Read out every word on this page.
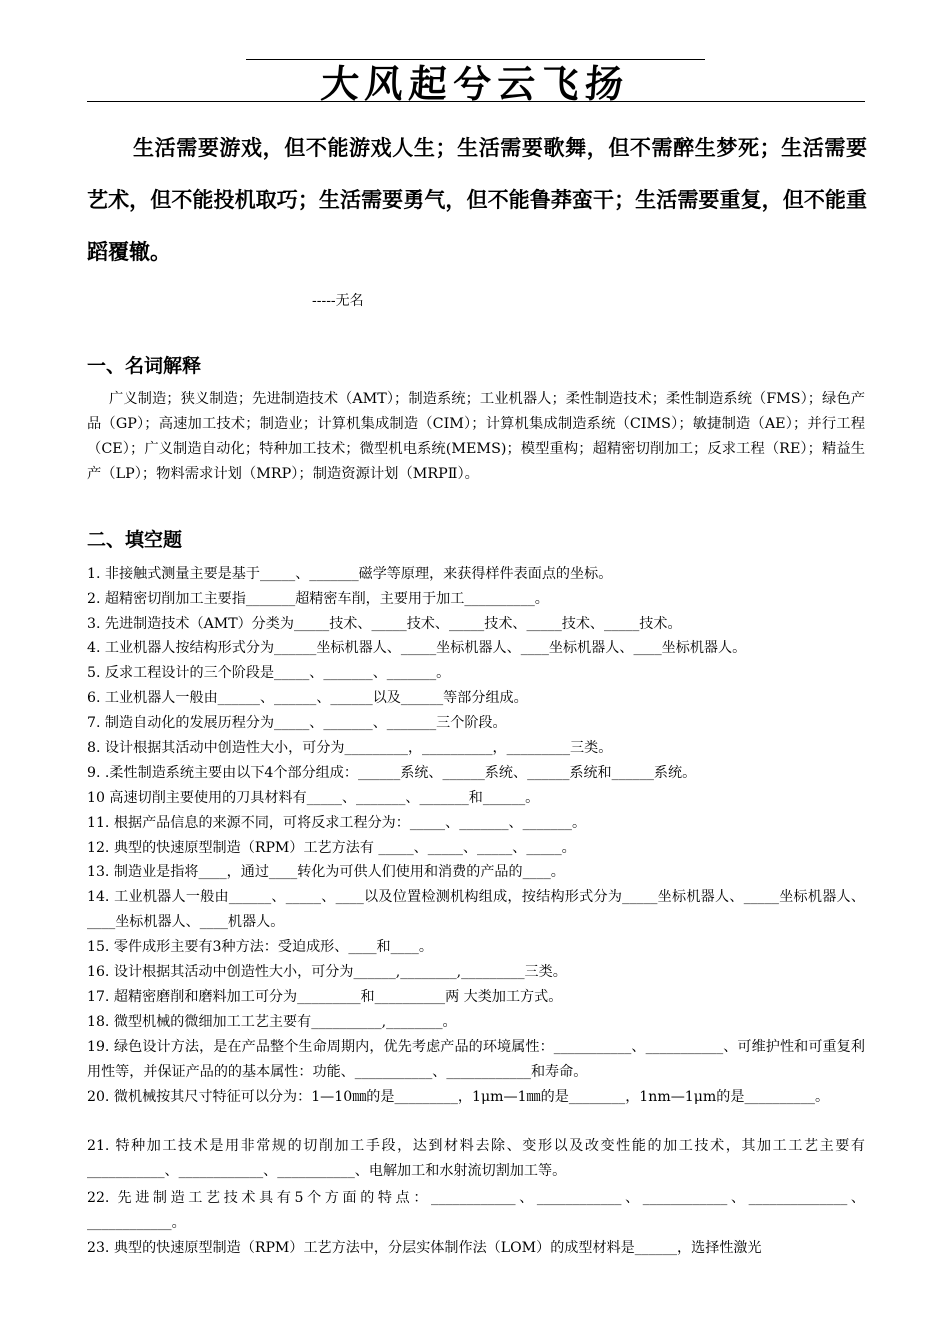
大风起兮云飞扬
生活需要游戏，但不能游戏人生；生活需要歌舞，但不需醉生梦死；生活需要艺术，但不能投机取巧；生活需要勇气，但不能鲁莽蛮干；生活需要重复，但不能重蹈覆辙。
-----无名
一、名词解释
广义制造；狭义制造；先进制造技术（AMT）；制造系统；工业机器人；柔性制造技术；柔性制造系统（FMS）；绿色产品（GP）；高速加工技术；制造业；计算机集成制造（CIM）；计算机集成制造系统（CIMS）；敏捷制造（AE）；并行工程（CE）；广义制造自动化；特种加工技术；微型机电系统(MEMS)；模型重构；超精密切削加工；反求工程（RE）；精益生产（LP）；物料需求计划（MRP）；制造资源计划（MRPⅡ）。
二、填空题
1. 非接触式测量主要是基于_____、_______磁学等原理，来获得样件表面点的坐标。
2. 超精密切削加工主要指_______超精密车削，主要用于加工__________。
3. 先进制造技术（AMT）分类为_____技术、_____技术、_____技术、_____技术、_____技术。
4. 工业机器人按结构形式分为______坐标机器人、_____坐标机器人、____坐标机器人、____坐标机器人。
5. 反求工程设计的三个阶段是_____、_______、_______。
6. 工业机器人一般由______、______、______以及______等部分组成。
7. 制造自动化的发展历程分为_____、_______、_______三个阶段。
8. 设计根据其活动中创造性大小，可分为_________，__________，_________三类。
9. .柔性制造系统主要由以下4个部分组成：______系统、______系统、______系统和______系统。
10 高速切削主要使用的刀具材料有_____、_______、_______和______。
11. 根据产品信息的来源不同，可将反求工程分为：_____、_______、_______。
12. 典型的快速原型制造（RPM）工艺方法有 _____、_____、_____、_____。
13. 制造业是指将____，通过____转化为可供人们使用和消费的产品的____。
14. 工业机器人一般由______、_____、____以及位置检测机构组成，按结构形式分为_____坐标机器人、_____坐标机器人、____坐标机器人、____机器人。
15. 零件成形主要有3种方法：受迫成形、____和____。
16. 设计根据其活动中创造性大小，可分为______,________,_________三类。
17. 超精密磨削和磨料加工可分为_________和__________两 大类加工方式。
18. 微型机械的微细加工工艺主要有__________,________。
19. 绿色设计方法，是在产品整个生命周期内，优先考虑产品的环境属性：___________、___________、可维护性和可重复利用性等，并保证产品的的基本属性：功能、___________、____________和寿命。
20. 微机械按其尺寸特征可以分为：1—10㎜的是_________，1μm—1㎜的是________，1nm—1μm的是__________。
21. 特种加工技术是用非常规的切削加工手段，达到材料去除、变形以及改变性能的加工技术，其加工工艺主要有___________、____________、___________、电解加工和水射流切割加工等。
22. 先进制造工艺技术具有5个方面的特点：____________、____________、____________、______________、____________。
23. 典型的快速原型制造（RPM）工艺方法中，分层实体制作法（LOM）的成型材料是______，选择性激光
